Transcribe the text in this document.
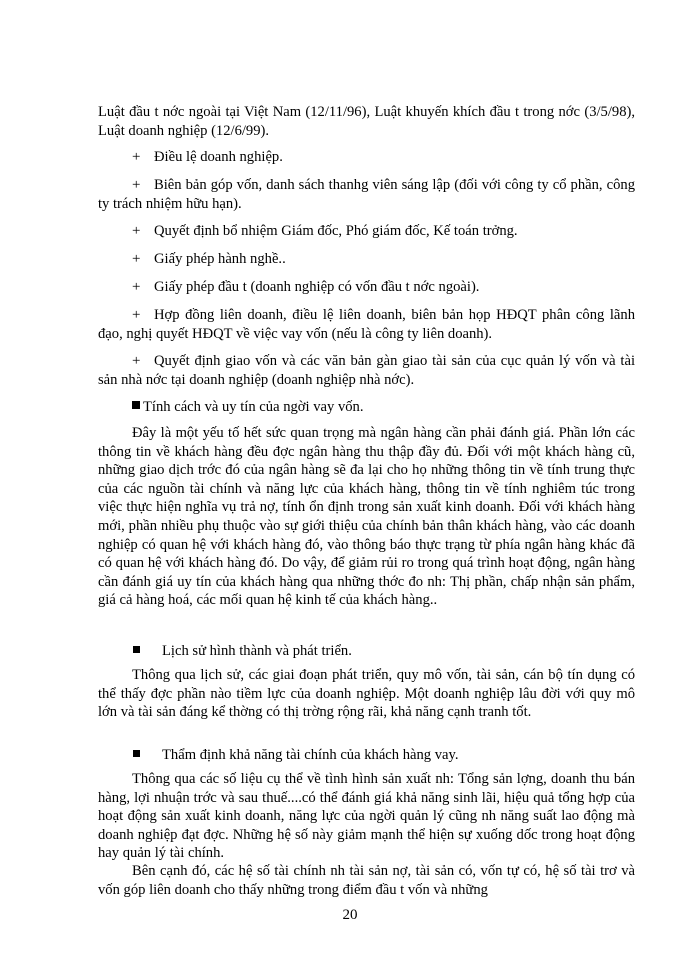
Luật đầu t nớc ngoài tại Việt Nam (12/11/96), Luật khuyến khích đầu t trong nớc (3/5/98), Luật doanh nghiệp (12/6/99).

+ Điều lệ doanh nghiệp.

+ Biên bản góp vốn, danh sách thanhg viên sáng lập (đối với công ty cổ phần, công ty trách nhiệm hữu hạn).

+ Quyết định bổ nhiệm Giám đốc, Phó giám đốc, Kế toán trởng.

+ Giấy phép hành nghề..

+ Giấy phép đầu t (doanh nghiệp có vốn đầu t nớc ngoài).

+ Hợp đồng liên doanh, điều lệ liên doanh, biên bản họp HĐQT phân công lãnh đạo, nghị quyết HĐQT về việc vay vốn (nếu là công ty liên doanh).

+ Quyết định giao vốn và các văn bản gàn giao tài sản của cục quản lý vốn và tài sản nhà nớc tại doanh nghiệp (doanh nghiệp nhà nớc).

Tính cách và uy tín của ngời vay vốn.

Đây là một yếu tố hết sức quan trọng mà ngân hàng cần phải đánh giá. Phần lớn các thông tin về khách hàng đều đợc ngân hàng thu thập đầy đủ. Đối với một khách hàng cũ, những giao dịch trớc đó của ngân hàng sẽ đa lại cho họ những thông tin về tính trung thực của các nguồn tài chính và năng lực của khách hàng, thông tin về tính nghiêm túc trong việc thực hiện nghĩa vụ trả nợ, tính ổn định trong sản xuất kinh doanh. Đối với khách hàng mới, phần nhiều phụ thuộc vào sự giới thiệu của chính bản thân khách hàng, vào các doanh nghiệp có quan hệ với khách hàng đó, vào thông báo thực trạng từ phía ngân hàng khác đã có quan hệ với khách hàng đó. Do vậy, để giảm rủi ro trong quá trình hoạt động, ngân hàng cần đánh giá uy tín của khách hàng qua những thớc đo nh: Thị phần, chấp nhận sản phẩm, giá cả hàng hoá, các mối quan hệ kinh tế của khách hàng..

Lịch sử hình thành và phát triển.

Thông qua lịch sử, các giai đoạn phát triển, quy mô vốn, tài sản, cán bộ tín dụng có thể thấy đợc phần nào tiềm lực của doanh nghiệp. Một doanh nghiệp lâu đời với quy mô lớn và tài sản đáng kể thờng có thị trờng rộng rãi, khả năng cạnh tranh tốt.

Thẩm định khả năng tài chính của khách hàng vay.

Thông qua các số liệu cụ thể về tình hình sản xuất nh: Tổng sản lợng, doanh thu bán hàng, lợi nhuận trớc và sau thuế....có thể đánh giá khả năng sinh lãi, hiệu quả tổng hợp của hoạt động sản xuất kinh doanh, năng lực của ngời quản lý cũng nh năng suất lao động mà doanh nghiệp đạt đợc. Những hệ số này giảm mạnh thể hiện sự xuống dốc trong hoạt động hay quản lý tài chính.

Bên cạnh đó, các hệ số tài chính nh tài sản nợ, tài sản có, vốn tự có, hệ số tài trơ và vốn góp liên doanh cho thấy những trong điểm đầu t vốn và những

20
